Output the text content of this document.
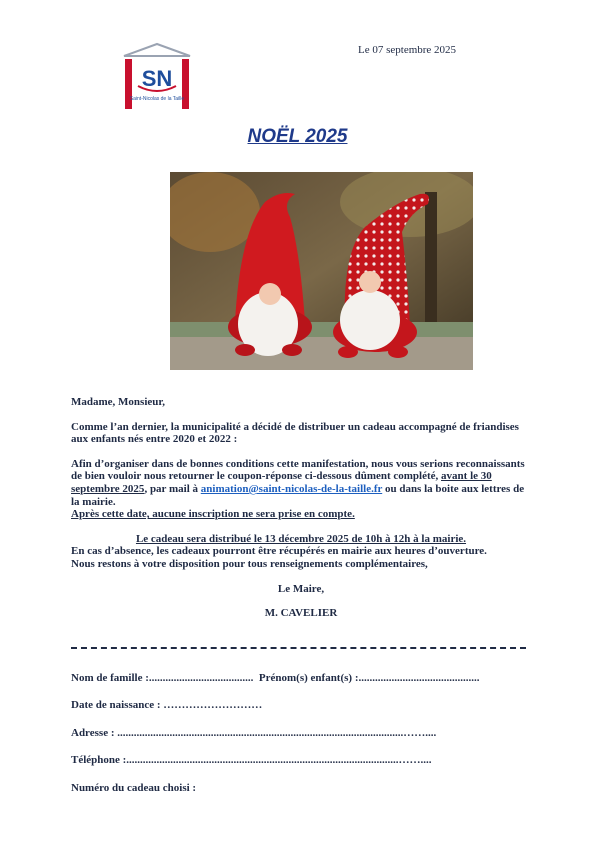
SN
Saint-Nicolas de la Taille
Le 07 septembre 2025
NOËL 2025

Madame, Monsieur,

Comme l’an dernier, la municipalité a décidé de distribuer un cadeau accompagné de friandises aux enfants nés entre 2020 et 2022 :

Afin d’organiser dans de bonnes conditions cette manifestation, nous vous serions reconnaissants de bien vouloir nous retourner le coupon-réponse ci-dessous dûment complété, avant le 30 septembre 2025, par mail à animation@saint-nicolas-de-la-taille.fr ou dans la boite aux lettres de la mairie.

Après cette date, aucune inscription ne sera prise en compte.

Le cadeau sera distribué le 13 décembre 2025 de 10h à 12h à la mairie.

En cas d’absence, les cadeaux pourront être récupérés en mairie aux heures d’ouverture.

Nous restons à votre disposition pour tous renseignements complémentaires,

Le Maire,

M. CAVELIER

Nom de famille :...................................... Prénom(s) enfant(s) :............................................
Date de naissance : ………………………
Adresse : ........................................................................................................……....
Téléphone :...................................................................................................……....
Numéro du cadeau choisi :
